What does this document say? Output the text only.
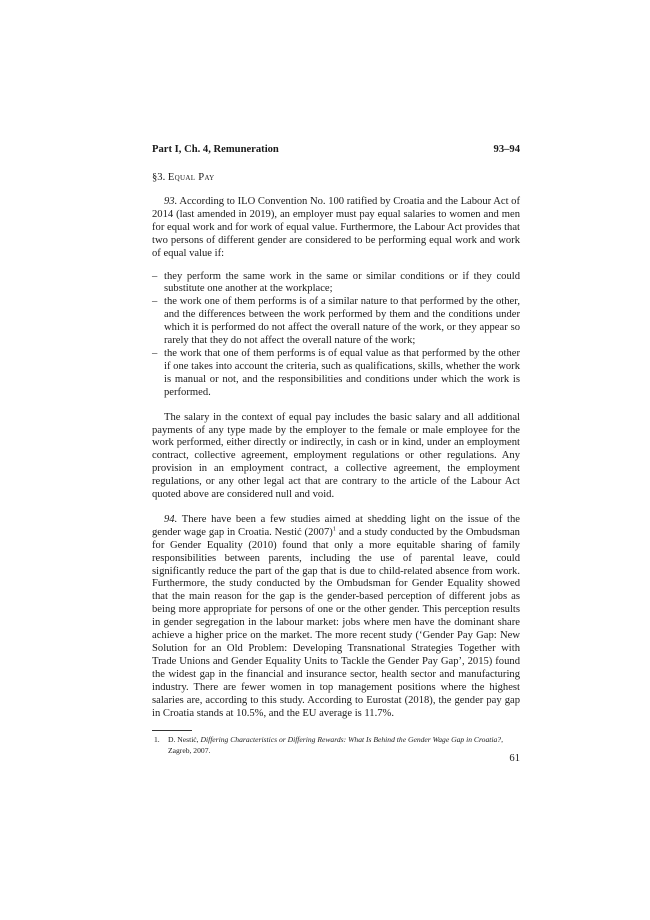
Part I, Ch. 4, Remuneration	93–94
§3. Equal Pay

93. According to ILO Convention No. 100 ratified by Croatia and the Labour Act of 2014 (last amended in 2019), an employer must pay equal salaries to women and men for equal work and for work of equal value. Furthermore, the Labour Act provides that two persons of different gender are considered to be performing equal work and work of equal value if:

– they perform the same work in the same or similar conditions or if they could substitute one another at the workplace;
– the work one of them performs is of a similar nature to that performed by the other, and the differences between the work performed by them and the conditions under which it is performed do not affect the overall nature of the work, or they appear so rarely that they do not affect the overall nature of the work;
– the work that one of them performs is of equal value as that performed by the other if one takes into account the criteria, such as qualifications, skills, whether the work is manual or not, and the responsibilities and conditions under which the work is performed.

The salary in the context of equal pay includes the basic salary and all additional payments of any type made by the employer to the female or male employee for the work performed, either directly or indirectly, in cash or in kind, under an employment contract, collective agreement, employment regulations or other regulations. Any provision in an employment contract, a collective agreement, the employment regulations, or any other legal act that are contrary to the article of the Labour Act quoted above are considered null and void.

94. There have been a few studies aimed at shedding light on the issue of the gender wage gap in Croatia. Nestić $(2007)^1$ and a study conducted by the Ombudsman for Gender Equality (2010) found that only a more equitable sharing of family responsibilities between parents, including the use of parental leave, could significantly reduce the part of the gap that is due to child-related absence from work. Furthermore, the study conducted by the Ombudsman for Gender Equality showed that the main reason for the gap is the gender-based perception of different jobs as being more appropriate for persons of one or the other gender. This perception results in gender segregation in the labour market: jobs where men have the dominant share achieve a higher price on the market. The more recent study (‘Gender Pay Gap: New Solution for an Old Problem: Developing Transnational Strategies Together with Trade Unions and Gender Equality Units to Tackle the Gender Pay Gap’, 2015) found the widest gap in the financial and insurance sector, health sector and manufacturing industry. There are fewer women in top management positions where the highest salaries are, according to this study. According to Eurostat (2018), the gender pay gap in Croatia stands at 10.5%, and the EU average is 11.7%.

1. D. Nestić, Differing Characteristics or Differing Rewards: What Is Behind the Gender Wage Gap in Croatia?, Zagreb, 2007.
61
